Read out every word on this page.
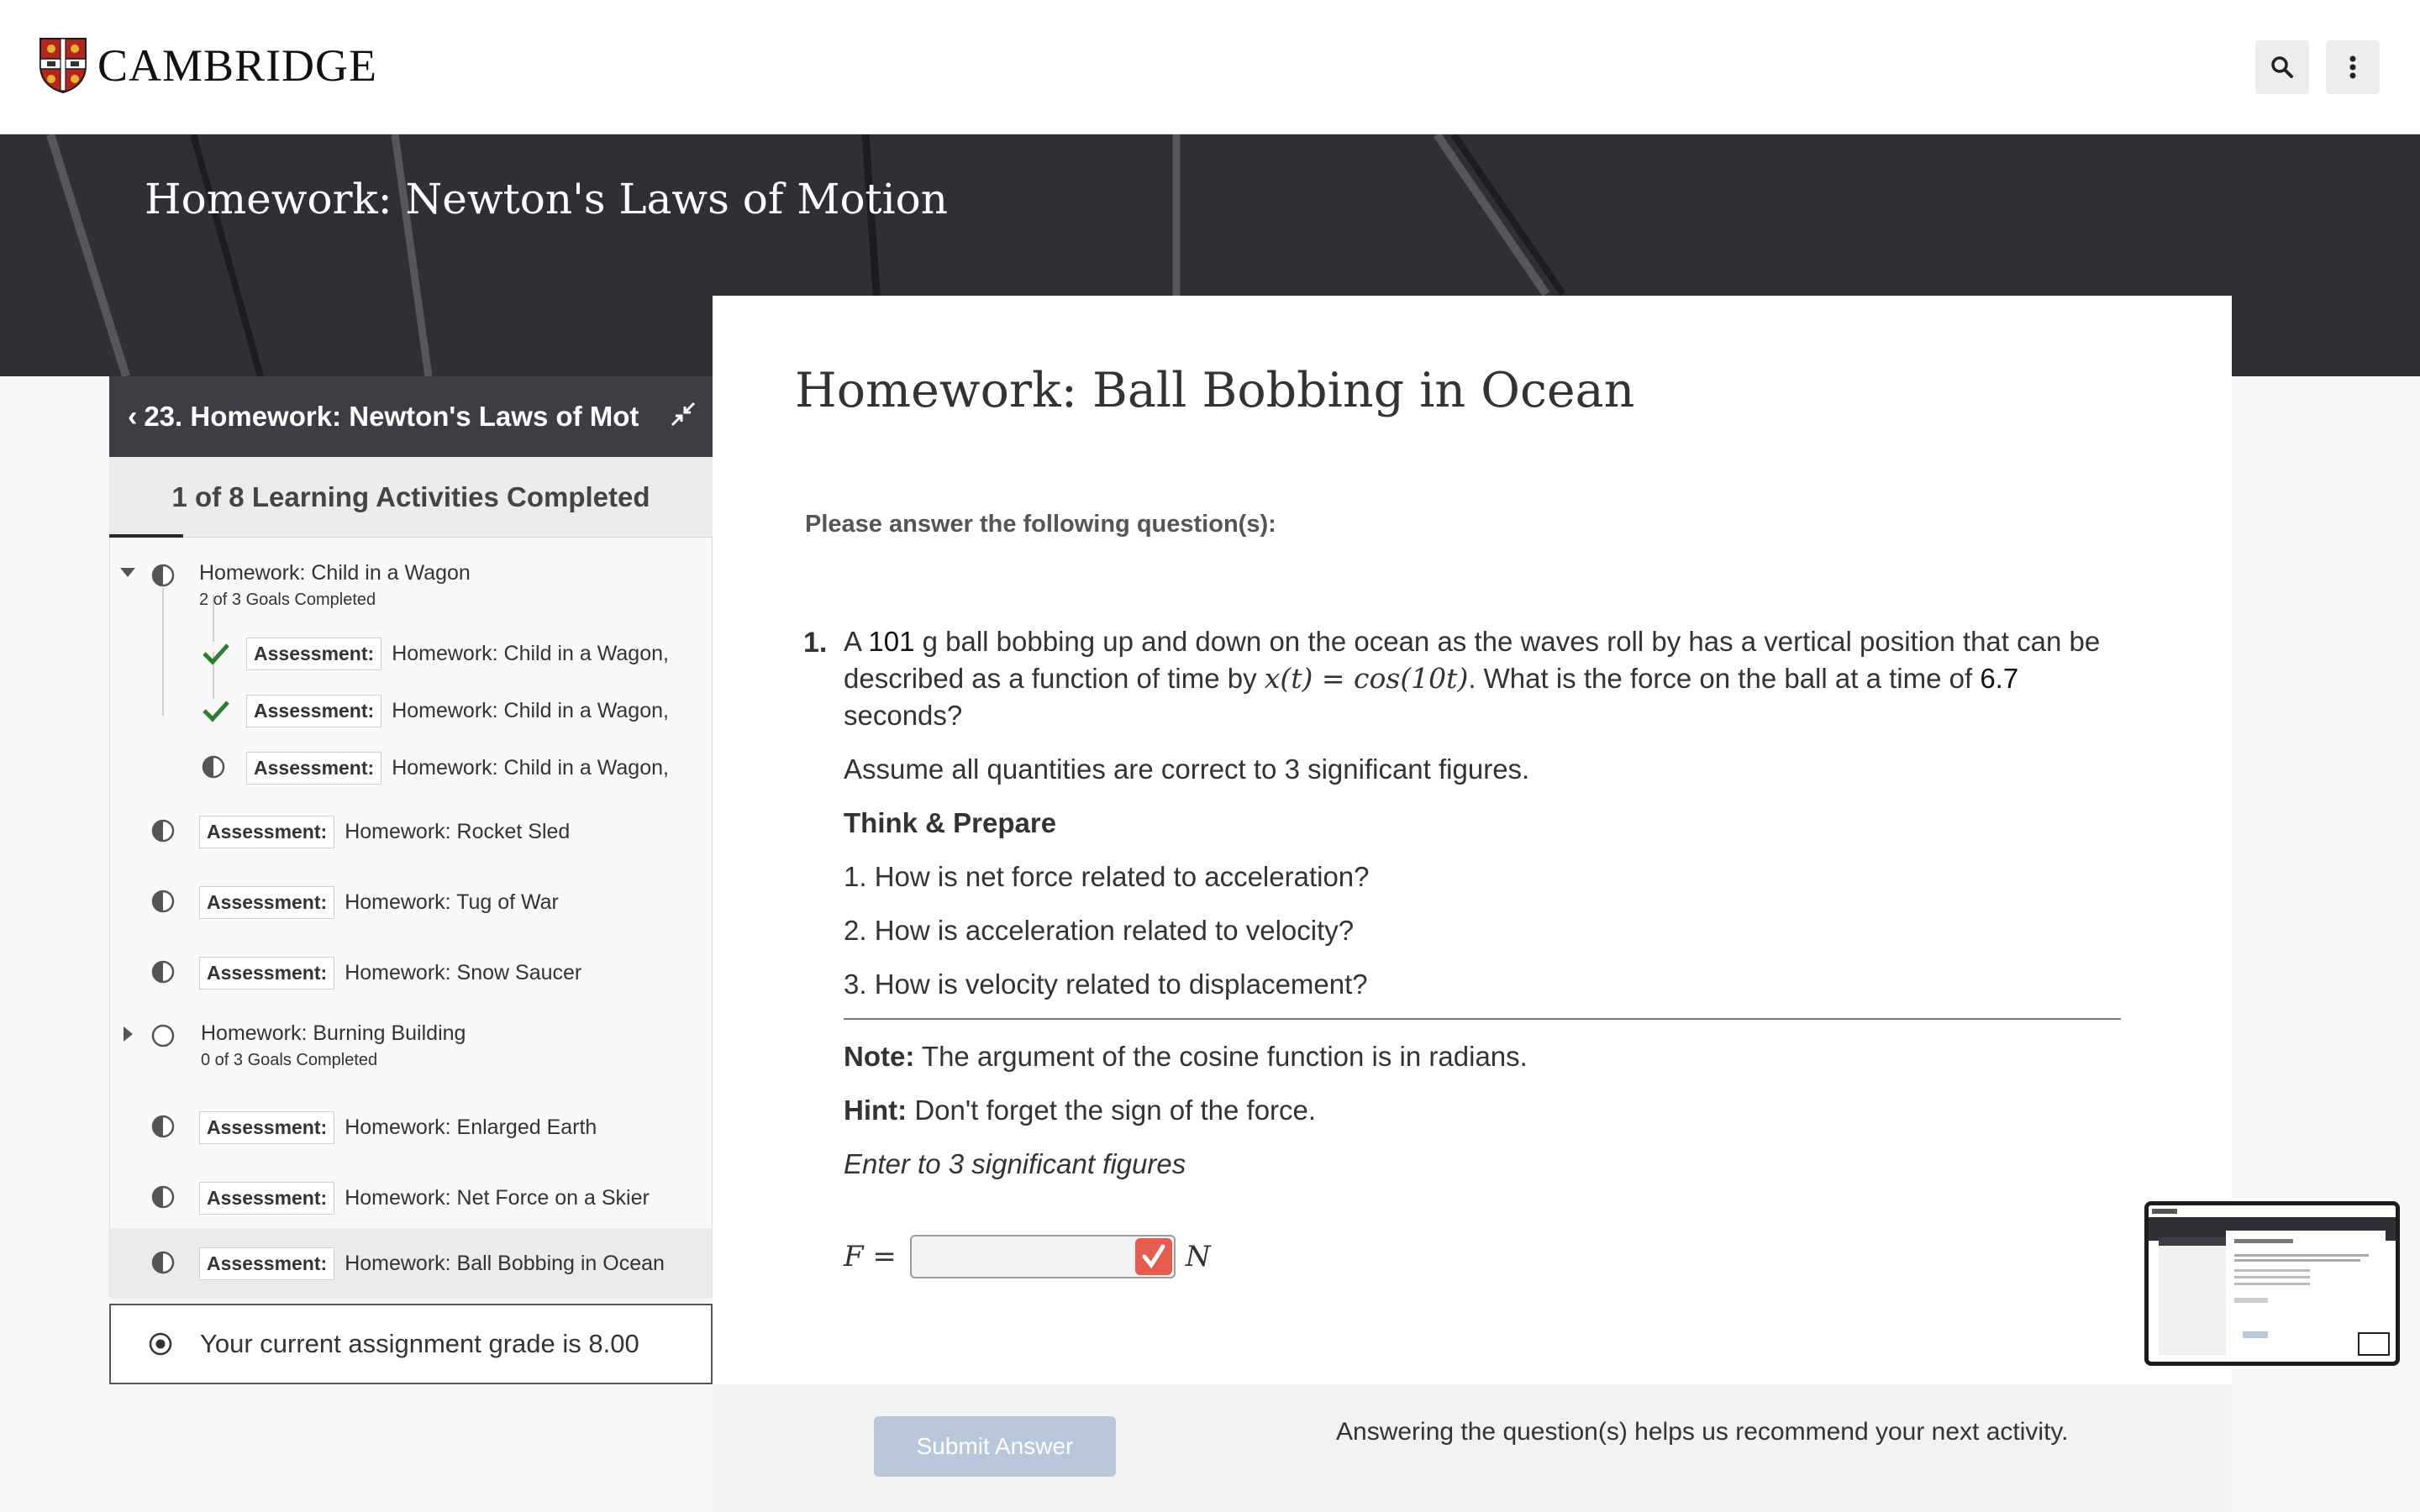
CAMBRIDGE
Homework: Newton's Laws of Motion
‹ 23. Homework: Newton's Laws of Mot
1 of 8 Learning Activities Completed
Homework: Child in a Wagon
2 of 3 Goals Completed
Assessment: Homework: Child in a Wagon,
Assessment: Homework: Child in a Wagon,
Assessment: Homework: Child in a Wagon,
Assessment: Homework: Rocket Sled
Assessment: Homework: Tug of War
Assessment: Homework: Snow Saucer
Homework: Burning Building
0 of 3 Goals Completed
Assessment: Homework: Enlarged Earth
Assessment: Homework: Net Force on a Skier
Assessment: Homework: Ball Bobbing in Ocean
Your current assignment grade is 8.00
Homework: Ball Bobbing in Ocean
Please answer the following question(s):
1. A 101 g ball bobbing up and down on the ocean as the waves roll by has a vertical position that can be described as a function of time by x(t) = cos(10t). What is the force on the ball at a time of 6.7 seconds?
Assume all quantities are correct to 3 significant figures.
Think & Prepare
1. How is net force related to acceleration?
2. How is acceleration related to velocity?
3. How is velocity related to displacement?
Note: The argument of the cosine function is in radians.
Hint: Don't forget the sign of the force.
Enter to 3 significant figures
F =	N
Submit Answer
Answering the question(s) helps us recommend your next activity.
